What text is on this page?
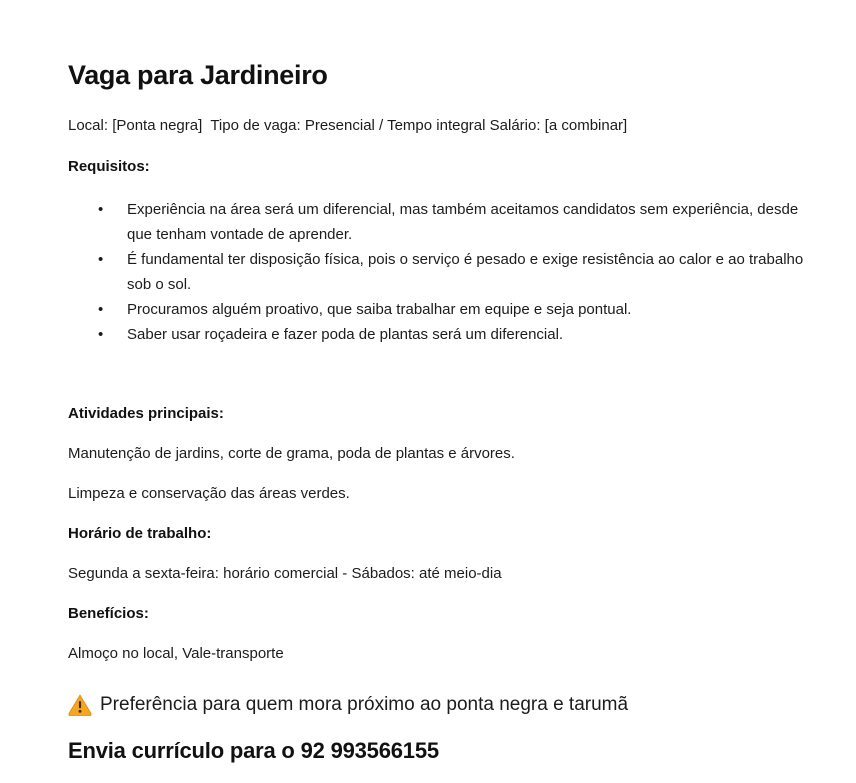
Vaga para Jardineiro

Local: [Ponta negra]  Tipo de vaga: Presencial / Tempo integral Salário: [a combinar]

Requisitos:
• Experiência na área será um diferencial, mas também aceitamos candidatos sem experiência, desde que tenham vontade de aprender.
• É fundamental ter disposição física, pois o serviço é pesado e exige resistência ao calor e ao trabalho sob o sol.
• Procuramos alguém proativo, que saiba trabalhar em equipe e seja pontual.
• Saber usar roçadeira e fazer poda de plantas será um diferencial.
Atividades principais:

Manutenção de jardins, corte de grama, poda de plantas e árvores.

Limpeza e conservação das áreas verdes.

Horário de trabalho:

Segunda a sexta-feira: horário comercial - Sábados: até meio-dia

Benefícios:

Almoço no local, Vale-transporte

Preferência para quem mora próximo ao ponta negra e tarumã

Envia currículo para o 92 993566155
